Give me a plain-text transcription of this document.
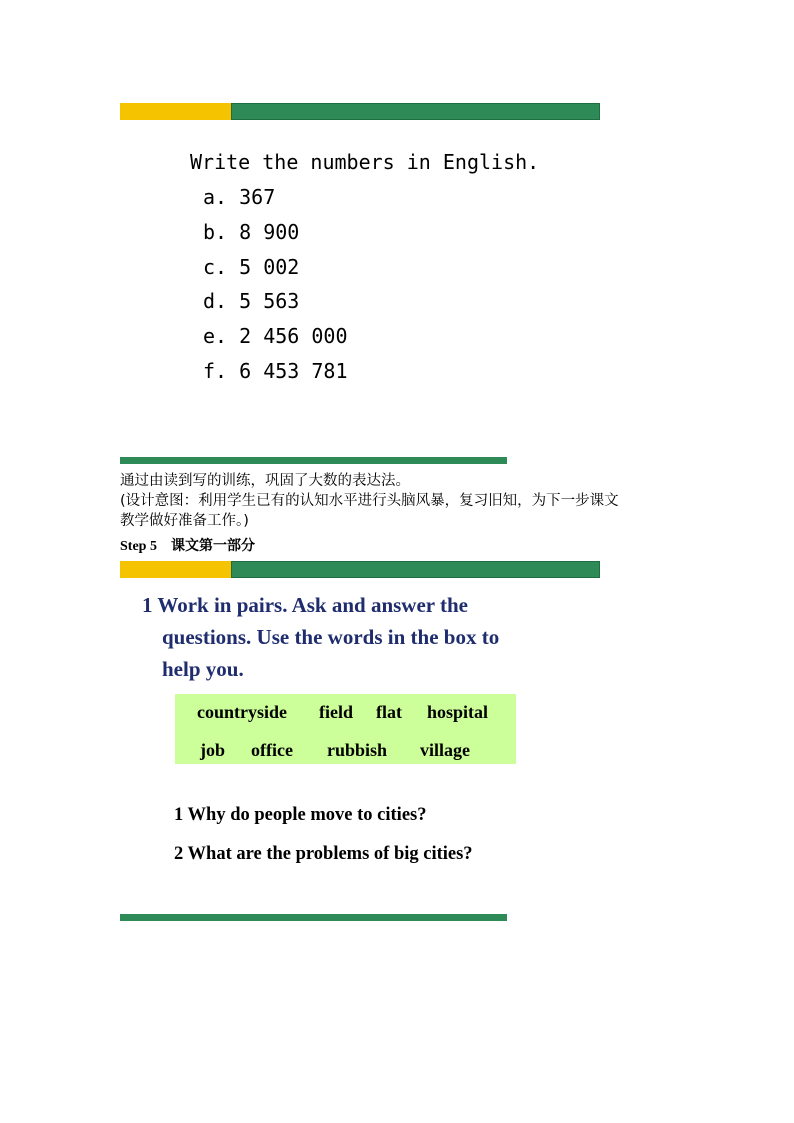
Write the numbers in English.
a. 367
b. 8 900
c. 5 002
d. 5 563
e. 2 456 000
f. 6 453 781

通过由读到写的训练，巩固了大数的表达法。

(设计意图：利用学生已有的认知水平进行头脑风暴，复习旧知，为下一步课文

教学做好准备工作。)

Step 5 课文第一部分
1 Work in pairs. Ask and answer the
questions. Use the words in the box to
help you.
countryside field flat hospital
job office rubbish village
1 Why do people move to cities?
2 What are the problems of big cities?
